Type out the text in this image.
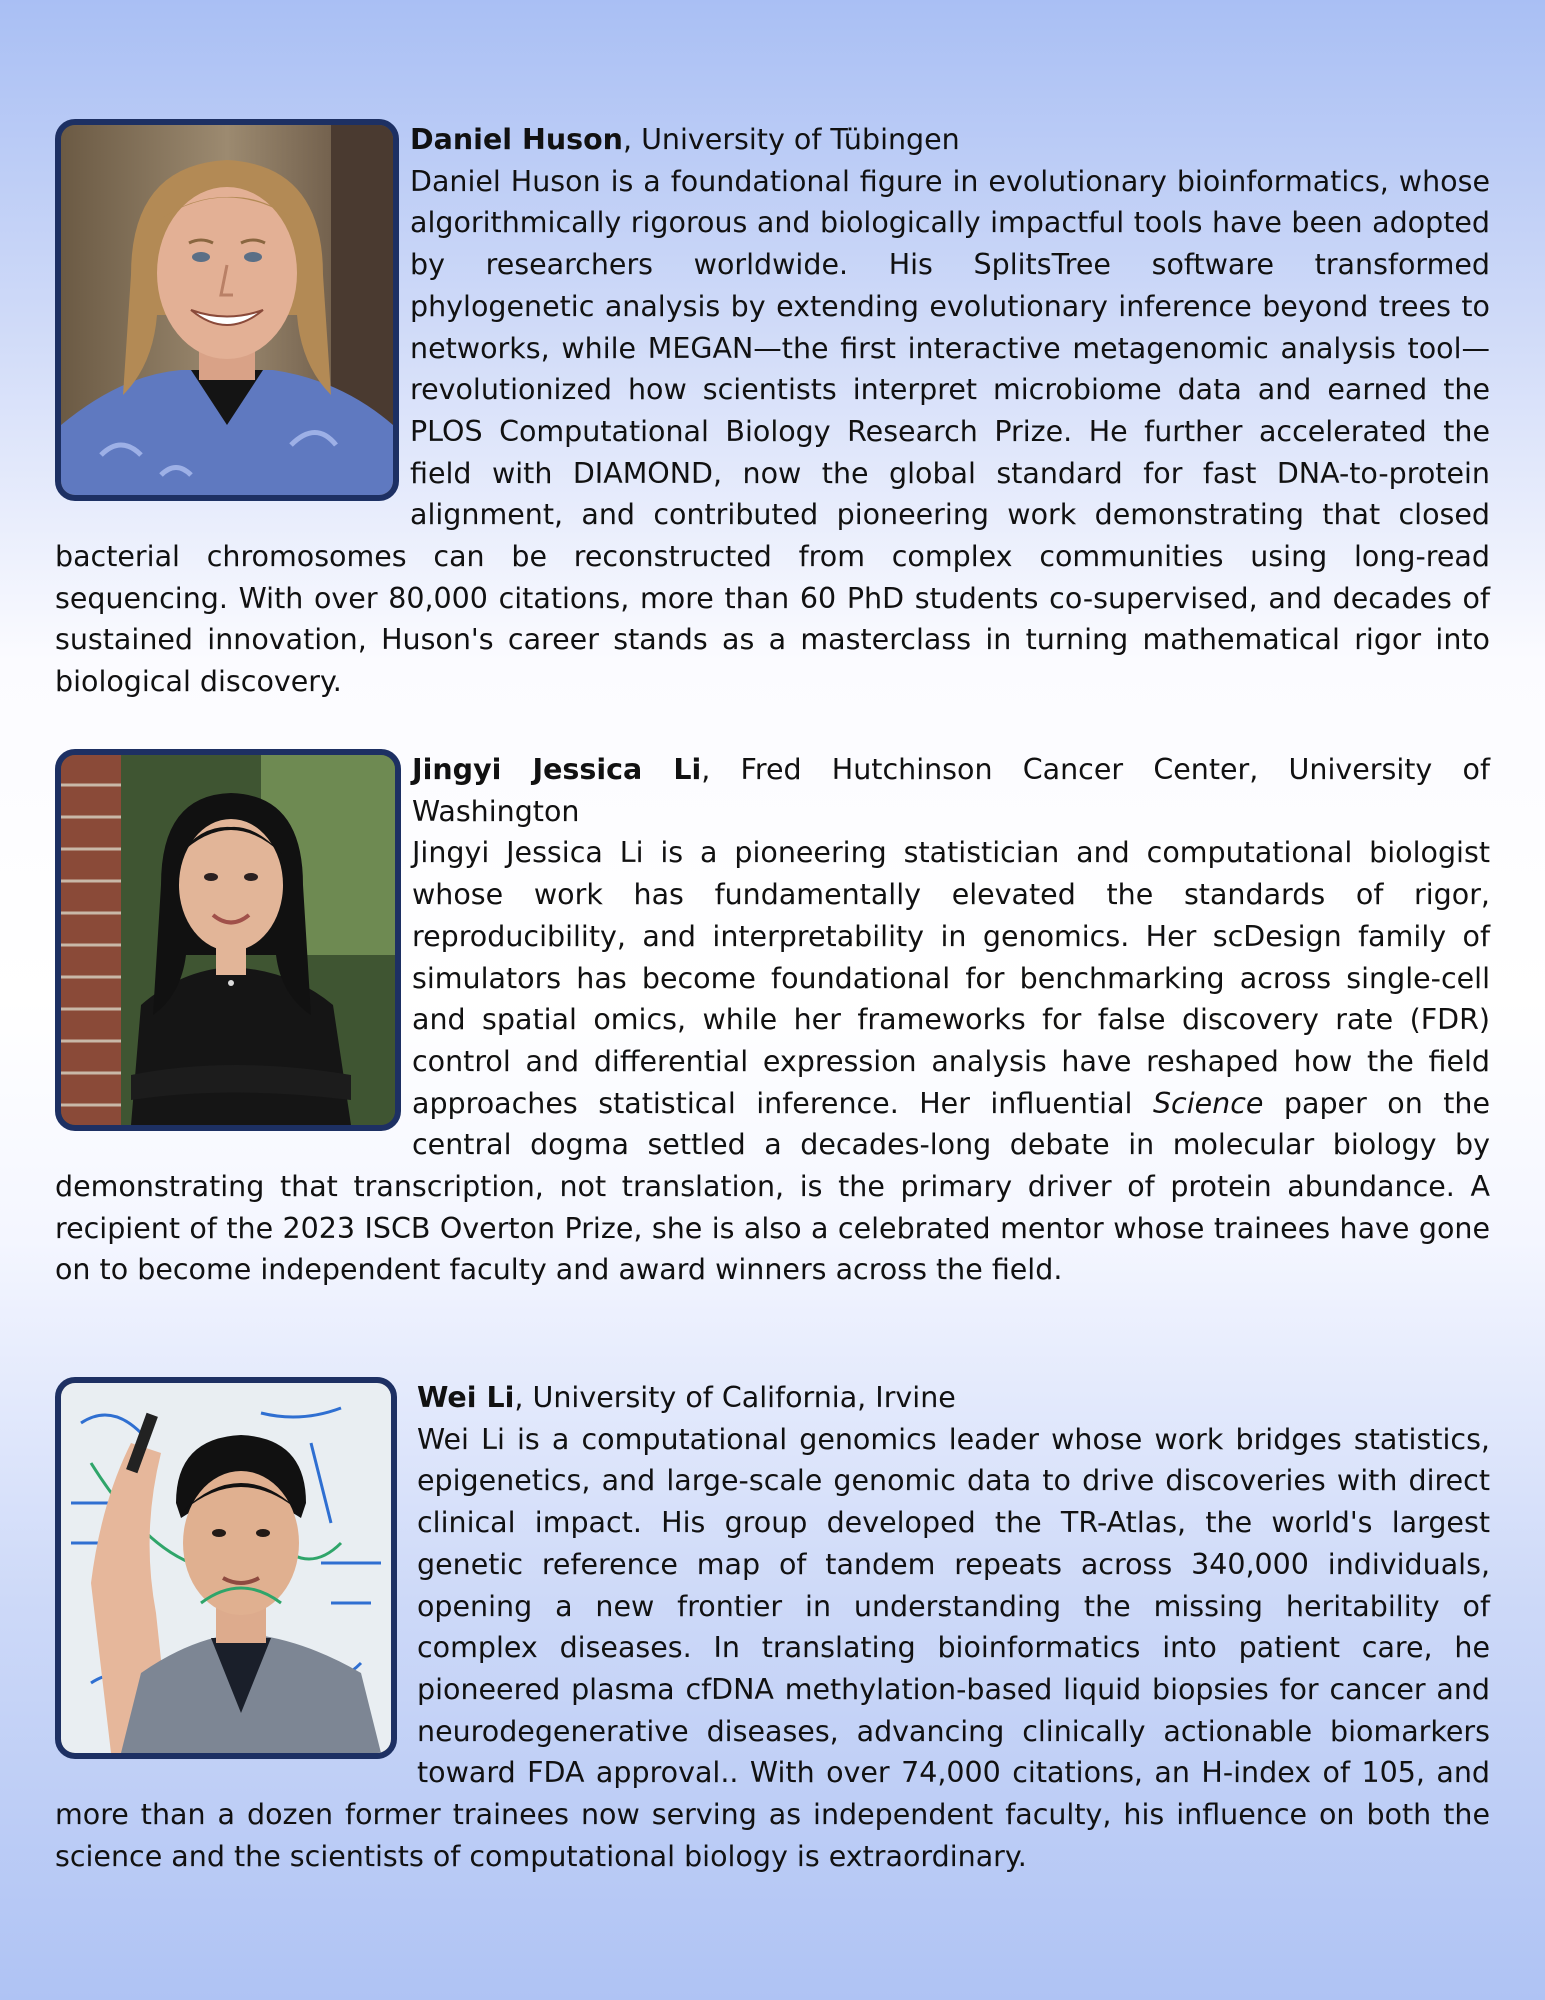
Daniel Huson, University of Tübingen
Daniel Huson is a foundational figure in evolutionary bioinformatics, whose algorithmically rigorous and biologically impactful tools have been adopted by researchers worldwide. His SplitsTree software transformed phylogenetic analysis by extending evolutionary inference beyond trees to networks, while MEGAN—the first interactive metagenomic analysis tool—revolutionized how scientists interpret microbiome data and earned the PLOS Computational Biology Research Prize. He further accelerated the field with DIAMOND, now the global standard for fast DNA-to-protein alignment, and contributed pioneering work demonstrating that closed bacterial chromosomes can be reconstructed from complex communities using long-read sequencing. With over 80,000 citations, more than 60 PhD students co-supervised, and decades of sustained innovation, Huson's career stands as a masterclass in turning mathematical rigor into biological discovery.
Jingyi Jessica Li, Fred Hutchinson Cancer Center, University of Washington
Jingyi Jessica Li is a pioneering statistician and computational biologist whose work has fundamentally elevated the standards of rigor, reproducibility, and interpretability in genomics. Her scDesign family of simulators has become foundational for benchmarking across single-cell and spatial omics, while her frameworks for false discovery rate (FDR) control and differential expression analysis have reshaped how the field approaches statistical inference. Her influential Science paper on the central dogma settled a decades-long debate in molecular biology by demonstrating that transcription, not translation, is the primary driver of protein abundance. A recipient of the 2023 ISCB Overton Prize, she is also a celebrated mentor whose trainees have gone on to become independent faculty and award winners across the field.
Wei Li, University of California, Irvine
Wei Li is a computational genomics leader whose work bridges statistics, epigenetics, and large-scale genomic data to drive discoveries with direct clinical impact. His group developed the TR-Atlas, the world's largest genetic reference map of tandem repeats across 340,000 individuals, opening a new frontier in understanding the missing heritability of complex diseases. In translating bioinformatics into patient care, he pioneered plasma cfDNA methylation-based liquid biopsies for cancer and neurodegenerative diseases, advancing clinically actionable biomarkers toward FDA approval.. With over 74,000 citations, an H-index of 105, and more than a dozen former trainees now serving as independent faculty, his influence on both the science and the scientists of computational biology is extraordinary.
